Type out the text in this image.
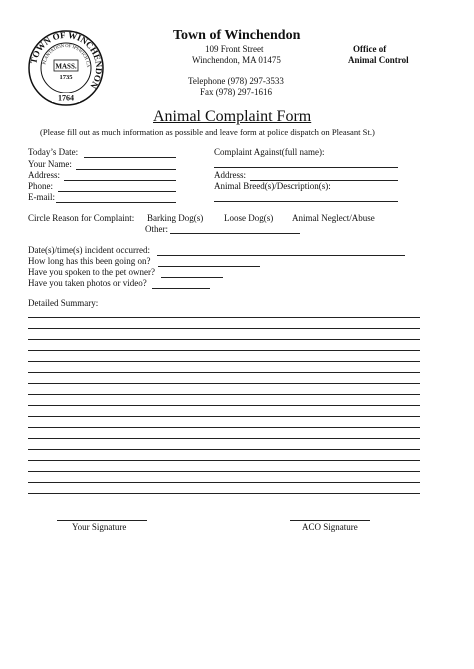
TOWN OF WINCHENDON
PLANTATION OF IPSWICH CA
MASS.
1735
1764
Town of Winchendon
109 Front Street
Winchendon, MA 01475
Telephone (978) 297-3533
Fax (978) 297-1616
Office of
Animal Control
Animal Complaint Form
(Please fill out as much information as possible and leave form at police dispatch on Pleasant St.)
Today’s Date:
Your Name:
Address:
Phone:
E-mail:
Complaint Against(full name):
Address:
Animal Breed(s)/Description(s):
Circle Reason for Complaint: Barking Dog(s) Loose Dog(s) Animal Neglect/Abuse
Other:
Date(s)/time(s) incident occurred:
How long has this been going on?
Have you spoken to the pet owner?
Have you taken photos or video?
Detailed Summary:
Your Signature	ACO Signature
